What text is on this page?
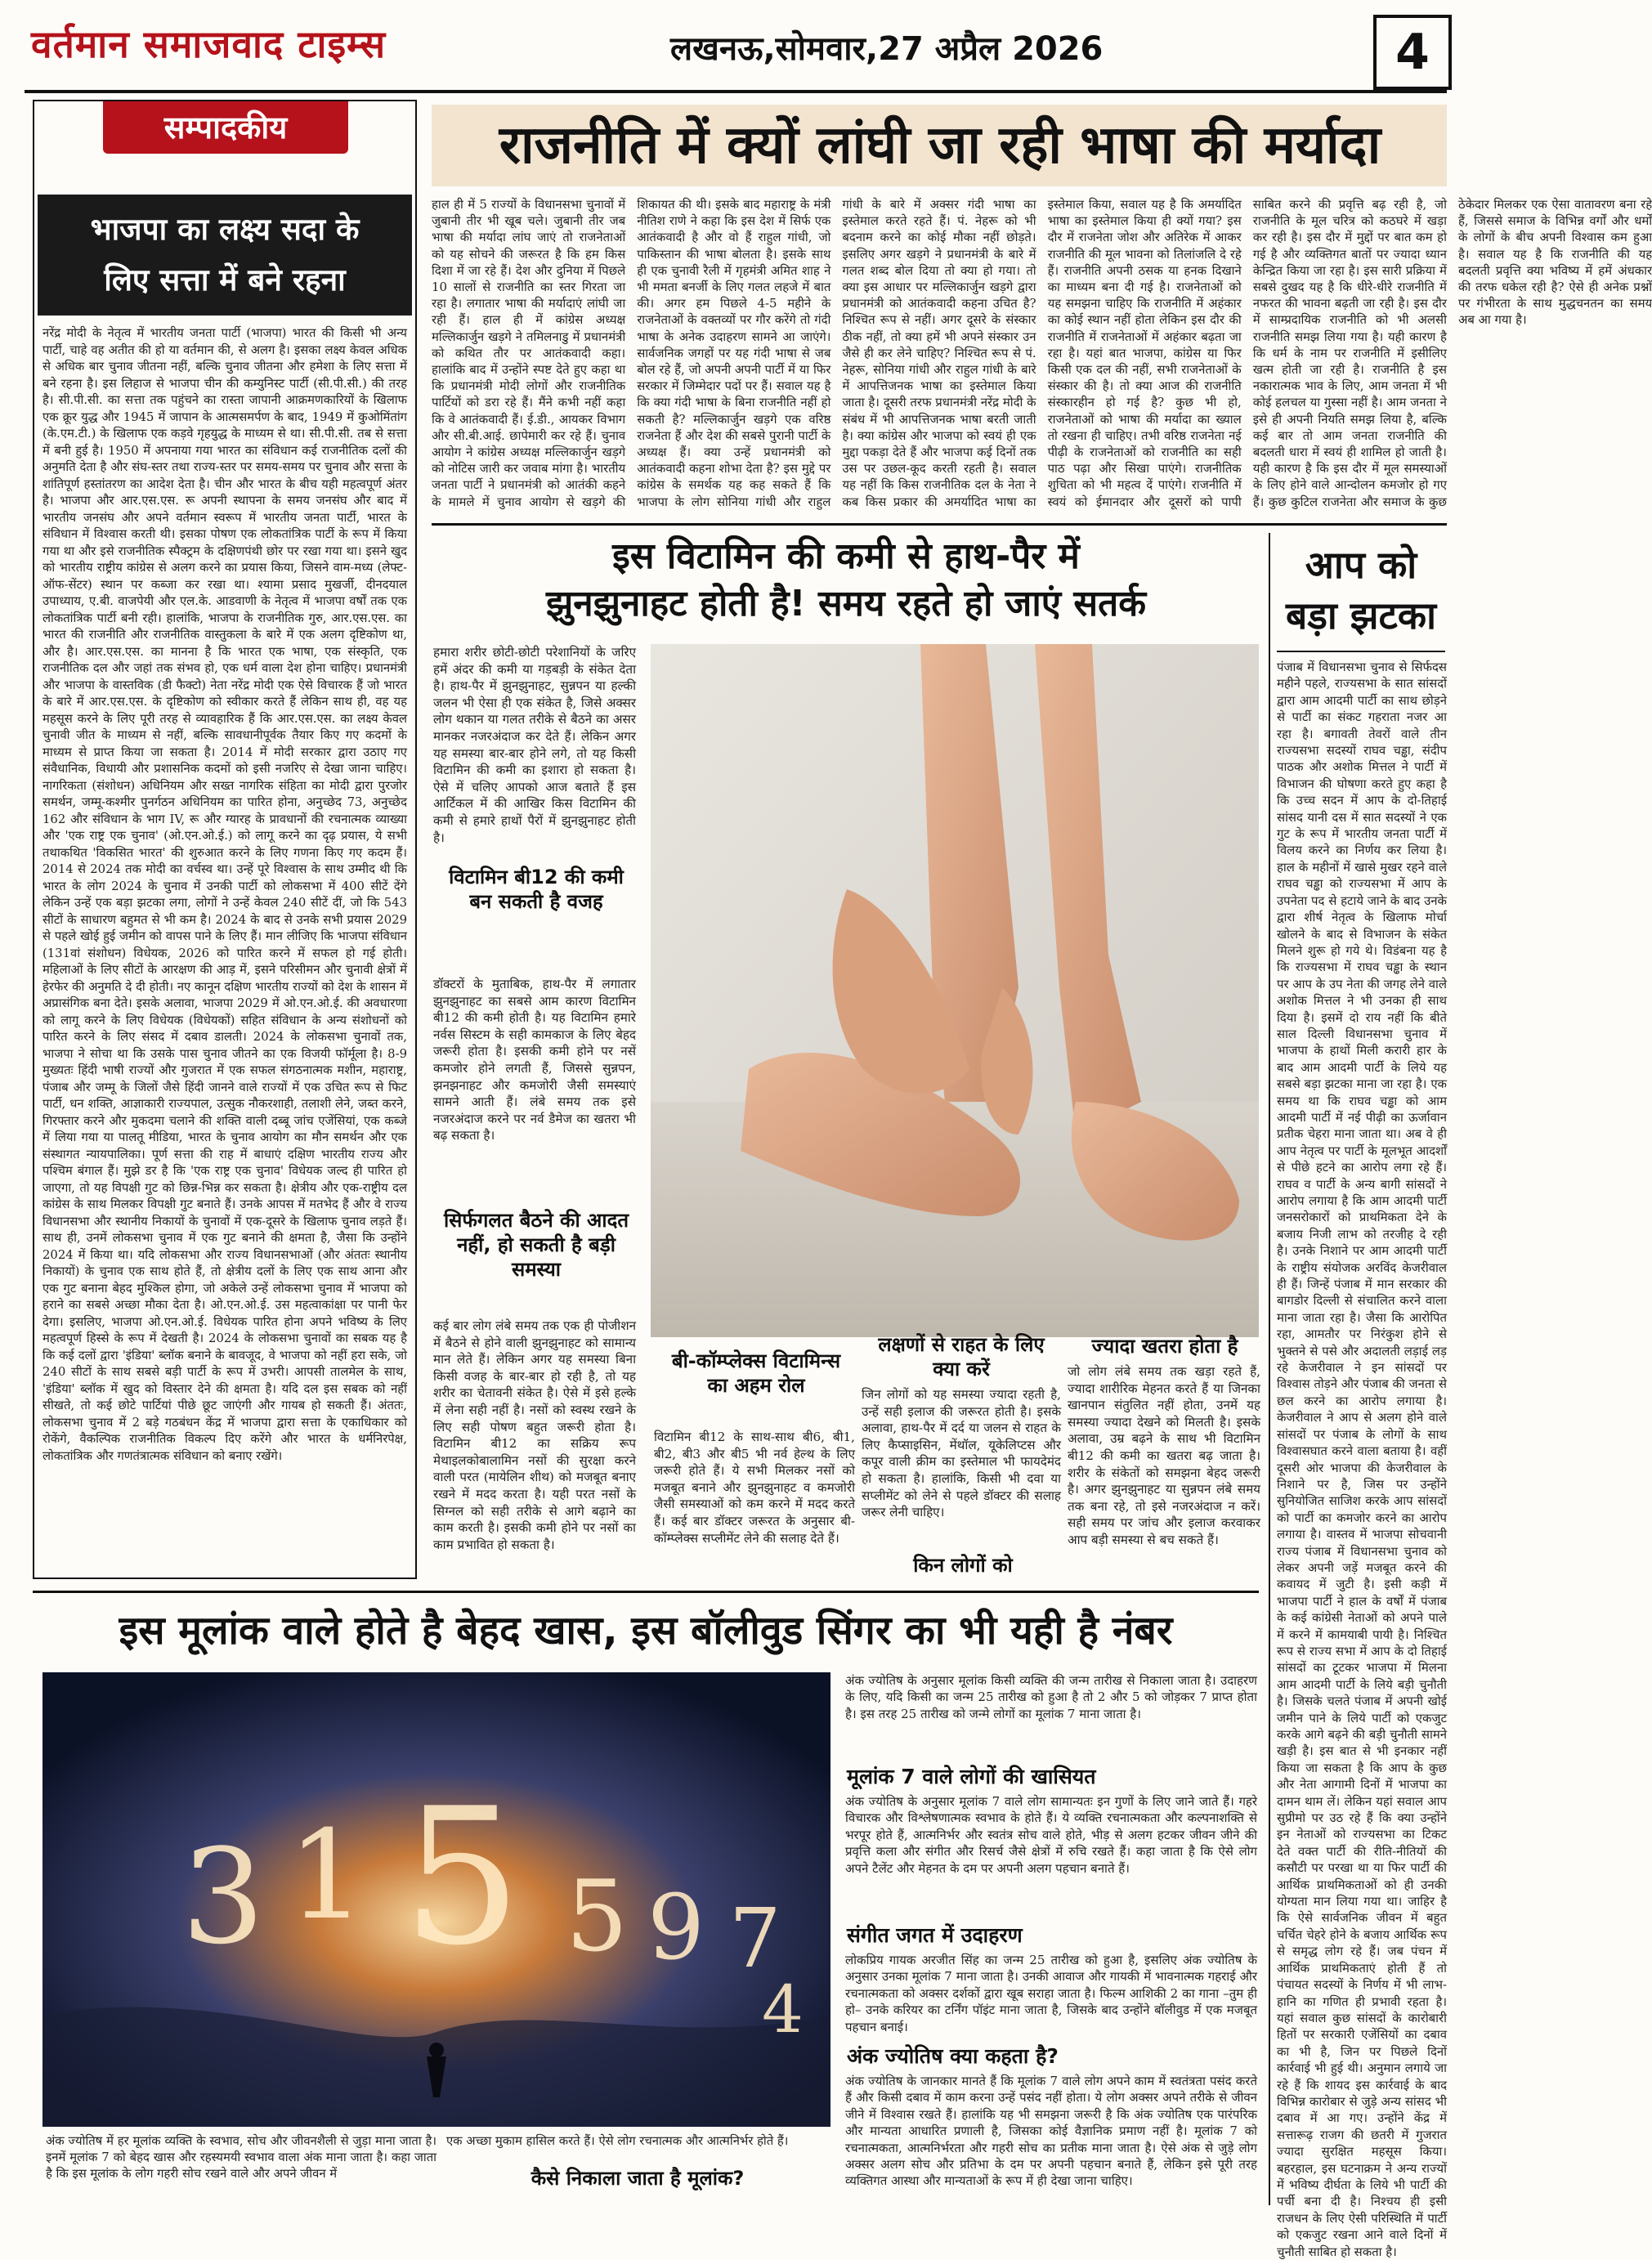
वर्तमान समाजवाद टाइम्स	लखनऊ,सोमवार,27 अप्रैल 2026	4
सम्पादकीय
भाजपा का लक्ष्य सदा के
लिए सत्ता में बने रहना
नरेंद्र मोदी के नेतृत्व में भारतीय जनता पार्टी (भाजपा) भारत की किसी भी अन्य पार्टी, चाहे वह अतीत की हो या वर्तमान की, से अलग है। इसका लक्ष्य केवल अधिक से अधिक बार चुनाव जीतना नहीं, बल्कि चुनाव जीतना और हमेशा के लिए सत्ता में बने रहना है। इस लिहाज से भाजपा चीन की कम्युनिस्ट पार्टी (सी.पी.सी.) की तरह है। सी.पी.सी. का सत्ता तक पहुंचने का रास्ता जापानी आक्रमणकारियों के खिलाफ एक क्रूर युद्ध और 1945 में जापान के आत्मसमर्पण के बाद, 1949 में कुओमिंतांग (के.एम.टी.) के खिलाफ एक कड़वे गृहयुद्ध के माध्यम से था। सी.पी.सी. तब से सत्ता में बनी हुई है। 1950 में अपनाया गया भारत का संविधान कई राजनीतिक दलों की अनुमति देता है और संघ-स्तर तथा राज्य-स्तर पर समय-समय पर चुनाव और सत्ता के शांतिपूर्ण हस्तांतरण का आदेश देता है। चीन और भारत के बीच यही महत्वपूर्ण अंतर है। भाजपा और आर.एस.एस. रू अपनी स्थापना के समय जनसंघ और बाद में भारतीय जनसंघ और अपने वर्तमान स्वरूप में भारतीय जनता पार्टी, भारत के संविधान में विश्वास करती थी। इसका पोषण एक लोकतांत्रिक पार्टी के रूप में किया गया था और इसे राजनीतिक स्पैक्ट्रम के दक्षिणपंथी छोर पर रखा गया था। इसने खुद को भारतीय राष्ट्रीय कांग्रेस से अलग करने का प्रयास किया, जिसने वाम-मध्य (लेफ्ट-ऑफ-सेंटर) स्थान पर कब्जा कर रखा था। श्यामा प्रसाद मुखर्जी, दीनदयाल उपाध्याय, ए.बी. वाजपेयी और एल.के. आडवाणी के नेतृत्व में भाजपा वर्षों तक एक लोकतांत्रिक पार्टी बनी रही। हालांकि, भाजपा के राजनीतिक गुरु, आर.एस.एस. का भारत की राजनीति और राजनीतिक वास्तुकला के बारे में एक अलग दृष्टिकोण था, और है। आर.एस.एस. का मानना है कि भारत एक भाषा, एक संस्कृति, एक राजनीतिक दल और जहां तक संभव हो, एक धर्म वाला देश होना चाहिए। प्रधानमंत्री और भाजपा के वास्तविक (डी फैक्टो) नेता नरेंद्र मोदी एक ऐसे विचारक हैं जो भारत के बारे में आर.एस.एस. के दृष्टिकोण को स्वीकार करते हैं लेकिन साथ ही, वह यह महसूस करने के लिए पूरी तरह से व्यावहारिक हैं कि आर.एस.एस. का लक्ष्य केवल चुनावी जीत के माध्यम से नहीं, बल्कि सावधानीपूर्वक तैयार किए गए कदमों के माध्यम से प्राप्त किया जा सकता है। 2014 में मोदी सरकार द्वारा उठाए गए संवैधानिक, विधायी और प्रशासनिक कदमों को इसी नजरिए से देखा जाना चाहिए। नागरिकता (संशोधन) अधिनियम और सख्त नागरिक संहिता का मोदी द्वारा पुरजोर समर्थन, जम्मू-कश्मीर पुनर्गठन अधिनियम का पारित होना, अनुच्छेद 73, अनुच्छेद 162 और संविधान के भाग IV, रू और ग्यारह के प्रावधानों की रचनात्मक व्याख्या और 'एक राष्ट्र एक चुनाव' (ओ.एन.ओ.ई.) को लागू करने का दृढ़ प्रयास, ये सभी तथाकथित 'विकसित भारत' की शुरुआत करने के लिए गणना किए गए कदम हैं। 2014 से 2024 तक मोदी का वर्चस्व था। उन्हें पूरे विश्वास के साथ उम्मीद थी कि भारत के लोग 2024 के चुनाव में उनकी पार्टी को लोकसभा में 400 सीटें देंगे लेकिन उन्हें एक बड़ा झटका लगा, लोगों ने उन्हें केवल 240 सीटें दीं, जो कि 543 सीटों के साधारण बहुमत से भी कम है। 2024 के बाद से उनके सभी प्रयास 2029 से पहले खोई हुई जमीन को वापस पाने के लिए हैं। मान लीजिए कि भाजपा संविधान (131वां संशोधन) विधेयक, 2026 को पारित करने में सफल हो गई होती। महिलाओं के लिए सीटों के आरक्षण की आड़ में, इसने परिसीमन और चुनावी क्षेत्रों में हेरफेर की अनुमति दे दी होती। नए कानून दक्षिण भारतीय राज्यों को देश के शासन में अप्रासंगिक बना देते। इसके अलावा, भाजपा 2029 में ओ.एन.ओ.ई. की अवधारणा को लागू करने के लिए विधेयक (विधेयकों) सहित संविधान के अन्य संशोधनों को पारित करने के लिए संसद में दबाव डालती। 2024 के लोकसभा चुनावों तक, भाजपा ने सोचा था कि उसके पास चुनाव जीतने का एक विजयी फॉर्मूला है। 8-9 मुख्यतः हिंदी भाषी राज्यों और गुजरात में एक सफल संगठनात्मक मशीन, महाराष्ट्र, पंजाब और जम्मू के जिलों जैसे हिंदी जानने वाले राज्यों में एक उचित रूप से फिट पार्टी, धन शक्ति, आज्ञाकारी राज्यपाल, उत्सुक नौकरशाही, तलाशी लेने, जब्त करने, गिरफ्तार करने और मुकदमा चलाने की शक्ति वाली दब्बू जांच एजेंसियां, एक कब्जे में लिया गया या पालतू मीडिया, भारत के चुनाव आयोग का मौन समर्थन और एक संस्थागत न्यायपालिका। पूर्ण सत्ता की राह में बाधाएं दक्षिण भारतीय राज्य और पश्चिम बंगाल हैं। मुझे डर है कि 'एक राष्ट्र एक चुनाव' विधेयक जल्द ही पारित हो जाएगा, तो यह विपक्षी गुट को छिन्न-भिन्न कर सकता है। क्षेत्रीय और एक-राष्ट्रीय दल कांग्रेस के साथ मिलकर विपक्षी गुट बनाते हैं। उनके आपस में मतभेद हैं और वे राज्य विधानसभा और स्थानीय निकायों के चुनावों में एक-दूसरे के खिलाफ चुनाव लड़ते हैं। साथ ही, उनमें लोकसभा चुनाव में एक गुट बनाने की क्षमता है, जैसा कि उन्होंने 2024 में किया था। यदि लोकसभा और राज्य विधानसभाओं (और अंततः स्थानीय निकायों) के चुनाव एक साथ होते हैं, तो क्षेत्रीय दलों के लिए एक साथ आना और एक गुट बनाना बेहद मुश्किल होगा, जो अकेले उन्हें लोकसभा चुनाव में भाजपा को हराने का सबसे अच्छा मौका देता है। ओ.एन.ओ.ई. उस महत्वाकांक्षा पर पानी फेर देगा। इसलिए, भाजपा ओ.एन.ओ.ई. विधेयक पारित होना अपने भविष्य के लिए महत्वपूर्ण हिस्से के रूप में देखती है। 2024 के लोकसभा चुनावों का सबक यह है कि कई दलों द्वारा 'इंडिया' ब्लॉक बनाने के बावजूद, वे भाजपा को नहीं हरा सके, जो 240 सीटों के साथ सबसे बड़ी पार्टी के रूप में उभरी। आपसी तालमेल के साथ, 'इंडिया' ब्लॉक में खुद को विस्तार देने की क्षमता है। यदि दल इस सबक को नहीं सीखते, तो कई छोटे पार्टियां पीछे छूट जाएंगी और गायब हो सकती हैं। अंततः, लोकसभा चुनाव में 2 बड़े गठबंधन केंद्र में भाजपा द्वारा सत्ता के एकाधिकार को रोकेंगे, वैकल्पिक राजनीतिक विकल्प दिए करेंगे और भारत के धर्मनिरपेक्ष, लोकतांत्रिक और गणतंत्रात्मक संविधान को बनाए रखेंगे।
राजनीति में क्यों लांघी जा रही भाषा की मर्यादा
हाल ही में 5 राज्यों के विधानसभा चुनावों में जुबानी तीर भी खूब चले। जुबानी तीर जब भाषा की मर्यादा लांघ जाएं तो राजनेताओं को यह सोचने की जरूरत है कि हम किस दिशा में जा रहे हैं। देश और दुनिया में पिछले 10 सालों से राजनीति का स्तर गिरता जा रहा है। लगातार भाषा की मर्यादाएं लांघी जा रही हैं। हाल ही में कांग्रेस अध्यक्ष मल्लिकार्जुन खड़गे ने तमिलनाडु में प्रधानमंत्री को कथित तौर पर आतंकवादी कहा। हालांकि बाद में उन्होंने स्पष्ट देते हुए कहा था कि प्रधानमंत्री मोदी लोगों और राजनीतिक पार्टियों को डरा रहे हैं। मैंने कभी नहीं कहा कि वे आतंकवादी हैं। ई.डी., आयकर विभाग और सी.बी.आई. छापेमारी कर रहे हैं। चुनाव आयोग ने कांग्रेस अध्यक्ष मल्लिकार्जुन खड़गे को नोटिस जारी कर जवाब मांगा है। भारतीय जनता पार्टी ने प्रधानमंत्री को आतंकी कहने के मामले में चुनाव आयोग से खड़गे की शिकायत की थी। इसके बाद महाराष्ट्र के मंत्री नीतिश राणे ने कहा कि इस देश में सिर्फ एक आतंकवादी है और वो हैं राहुल गांधी, जो पाकिस्तान की भाषा बोलता है। इसके साथ ही एक चुनावी रैली में गृहमंत्री अमित शाह ने भी ममता बनर्जी के लिए गलत लहजे में बात की। अगर हम पिछले 4-5 महीने के राजनेताओं के वक्तव्यों पर गौर करेंगे तो गंदी भाषा के अनेक उदाहरण सामने आ जाएंगे। सार्वजनिक जगहों पर यह गंदी भाषा से जब बोल रहे हैं, जो अपनी अपनी पार्टी में या फिर सरकार में जिम्मेदार पदों पर हैं। सवाल यह है कि क्या गंदी भाषा के बिना राजनीति नहीं हो सकती है? मल्लिकार्जुन खड़गे एक वरिष्ठ राजनेता हैं और देश की सबसे पुरानी पार्टी के अध्यक्ष हैं। क्या उन्हें प्रधानमंत्री को आतंकवादी कहना शोभा देता है? इस मुद्दे पर कांग्रेस के समर्थक यह कह सकते हैं कि भाजपा के लोग सोनिया गांधी और राहुल गांधी के बारे में अक्सर गंदी भाषा का इस्तेमाल करते रहते हैं। पं. नेहरू को भी बदनाम करने का कोई मौका नहीं छोड़ते। इसलिए अगर खड़गे ने प्रधानमंत्री के बारे में गलत शब्द बोल दिया तो क्या हो गया। तो क्या इस आधार पर मल्लिकार्जुन खड़गे द्वारा प्रधानमंत्री को आतंकवादी कहना उचित है? निश्चित रूप से नहीं। अगर दूसरे के संस्कार ठीक नहीं, तो क्या हमें भी अपने संस्कार उन जैसे ही कर लेने चाहिए? निश्चित रूप से पं. नेहरू, सोनिया गांधी और राहुल गांधी के बारे में आपत्तिजनक भाषा का इस्तेमाल किया जाता है। दूसरी तरफ प्रधानमंत्री नरेंद्र मोदी के संबंध में भी आपत्तिजनक भाषा बरती जाती है। क्या कांग्रेस और भाजपा को स्वयं ही एक मुद्दा पकड़ा देते हैं और भाजपा कई दिनों तक उस पर उछल-कूद करती रहती है। सवाल यह नहीं कि किस राजनीतिक दल के नेता ने कब किस प्रकार की अमर्यादित भाषा का इस्तेमाल किया, सवाल यह है कि अमर्यादित भाषा का इस्तेमाल किया ही क्यों गया? इस दौर में राजनेता जोश और अतिरेक में आकर राजनीति की मूल भावना को तिलांजलि दे रहे हैं। राजनीति अपनी ठसक या हनक दिखाने का माध्यम बना दी गई है। राजनेताओं को यह समझना चाहिए कि राजनीति में अहंकार का कोई स्थान नहीं होता लेकिन इस दौर की राजनीति में राजनेताओं में अहंकार बढ़ता जा रहा है। यहां बात भाजपा, कांग्रेस या फिर किसी एक दल की नहीं, सभी राजनेताओं के संस्कार की है। तो क्या आज की राजनीति संस्कारहीन हो गई है? कुछ भी हो, राजनेताओं को भाषा की मर्यादा का ख्याल तो रखना ही चाहिए। तभी वरिष्ठ राजनेता नई पीढ़ी के राजनेताओं को राजनीति का सही पाठ पढ़ा और सिखा पाएंगे। राजनीतिक शुचिता को भी महत्व दें पाएंगे। राजनीति में स्वयं को ईमानदार और दूसरों को पापी साबित करने की प्रवृत्ति बढ़ रही है, जो राजनीति के मूल चरित्र को कठघरे में खड़ा कर रही है। इस दौर में मुद्दों पर बात कम हो गई है और व्यक्तिगत बातों पर ज्यादा ध्यान केन्द्रित किया जा रहा है। इस सारी प्रक्रिया में सबसे दुखद यह है कि धीरे-धीरे राजनीति में नफरत की भावना बढ़ती जा रही है। इस दौर में साम्प्रदायिक राजनीति को भी अलसी राजनीति समझ लिया गया है। यही कारण है कि धर्म के नाम पर राजनीति में इसीलिए खत्म होती जा रही है। राजनीति है इस नकारात्मक भाव के लिए, आम जनता में भी कोई हलचल या गुस्सा नहीं है। आम जनता ने इसे ही अपनी नियति समझ लिया है, बल्कि कई बार तो आम जनता राजनीति की बदलती धारा में स्वयं ही शामिल हो जाती है। यही कारण है कि इस दौर में मूल समस्याओं के लिए होने वाले आन्दोलन कमजोर हो गए हैं। कुछ कुटिल राजनेता और समाज के कुछ ठेकेदार मिलकर एक ऐसा वातावरण बना रहे हैं, जिससे समाज के विभिन्न वर्गों और धर्मों के लोगों के बीच अपनी विश्वास कम हुआ है। सवाल यह है कि राजनीति की यह बदलती प्रवृत्ति क्या भविष्य में हमें अंधकार की तरफ धकेल रही है? ऐसे ही अनेक प्रश्नों पर गंभीरता के साथ मुद्धचनतन का समय अब आ गया है।
इस विटामिन की कमी से हाथ-पैर में
झुनझुनाहट होती है! समय रहते हो जाएं सतर्क
हमारा शरीर छोटी-छोटी परेशानियों के जरिए हमें अंदर की कमी या गड़बड़ी के संकेत देता है। हाथ-पैर में झुनझुनाहट, सुन्नपन या हल्की जलन भी ऐसा ही एक संकेत है, जिसे अक्सर लोग थकान या गलत तरीके से बैठने का असर मानकर नजरअंदाज कर देते हैं। लेकिन अगर यह समस्या बार-बार होने लगे, तो यह किसी विटामिन की कमी का इशारा हो सकता है। ऐसे में चलिए आपको आज बताते हैं इस आर्टिकल में की आखिर किस विटामिन की कमी से हमारे हाथों पैरों में झुनझुनाहट होती है।
विटामिन बी12 की कमी बन सकती है वजह
डॉक्टरों के मुताबिक, हाथ-पैर में लगातार झुनझुनाहट का सबसे आम कारण विटामिन बी12 की कमी होती है। यह विटामिन हमारे नर्वस सिस्टम के सही कामकाज के लिए बेहद जरूरी होता है। इसकी कमी होने पर नसें कमजोर होने लगती हैं, जिससे सुन्नपन, झनझनाहट और कमजोरी जैसी समस्याएं सामने आती हैं। लंबे समय तक इसे नजरअंदाज करने पर नर्व डैमेज का खतरा भी बढ़ सकता है।
सिर्फगलत बैठने की आदत नहीं, हो सकती है बड़ी समस्या
कई बार लोग लंबे समय तक एक ही पोजीशन में बैठने से होने वाली झुनझुनाहट को सामान्य मान लेते हैं। लेकिन अगर यह समस्या बिना किसी वजह के बार-बार हो रही है, तो यह शरीर का चेतावनी संकेत है। ऐसे में इसे हल्के में लेना सही नहीं है। नसों को स्वस्थ रखने के लिए सही पोषण बहुत जरूरी होता है। विटामिन बी12 का सक्रिय रूप मेथाइलकोबालामिन नसों की सुरक्षा करने वाली परत (मायेलिन शीथ) को मजबूत बनाए रखने में मदद करता है। यही परत नसों के सिग्नल को सही तरीके से आगे बढ़ाने का काम करती है। इसकी कमी होने पर नसों का काम प्रभावित हो सकता है।
बी-कॉम्प्लेक्स विटामिन्स का अहम रोल
विटामिन बी12 के साथ-साथ बी6, बी1, बी2, बी3 और बी5 भी नर्व हेल्थ के लिए जरूरी होते हैं। ये सभी मिलकर नसों को मजबूत बनाने और झुनझुनाहट व कमजोरी जैसी समस्याओं को कम करने में मदद करते हैं। कई बार डॉक्टर जरूरत के अनुसार बी-कॉम्प्लेक्स सप्लीमेंट लेने की सलाह देते हैं।
लक्षणों से राहत के लिए क्या करें
जिन लोगों को यह समस्या ज्यादा रहती है, उन्हें सही इलाज की जरूरत होती है। इसके अलावा, हाथ-पैर में दर्द या जलन से राहत के लिए कैप्साइसिन, मेंथॉल, यूकेलिप्टस और कपूर वाली क्रीम का इस्तेमाल भी फायदेमंद हो सकता है। हालांकि, किसी भी दवा या सप्लीमेंट को लेने से पहले डॉक्टर की सलाह जरूर लेनी चाहिए।
किन लोगों को
ज्यादा खतरा होता है
जो लोग लंबे समय तक खड़ा रहते हैं, ज्यादा शारीरिक मेहनत करते हैं या जिनका खानपान संतुलित नहीं होता, उनमें यह समस्या ज्यादा देखने को मिलती है। इसके अलावा, उम्र बढ़ने के साथ भी विटामिन बी12 की कमी का खतरा बढ़ जाता है। शरीर के संकेतों को समझना बेहद जरूरी है। अगर झुनझुनाहट या सुन्नपन लंबे समय तक बना रहे, तो इसे नजरअंदाज न करें। सही समय पर जांच और इलाज करवाकर आप बड़ी समस्या से बच सकते हैं।
आप को
बड़ा झटका
पंजाब में विधानसभा चुनाव से सिर्फदस महीने पहले, राज्यसभा के सात सांसदों द्वारा आम आदमी पार्टी का साथ छोड़ने से पार्टी का संकट गहराता नजर आ रहा है। बगावती तेवरों वाले तीन राज्यसभा सदस्यों राघव चड्ढा, संदीप पाठक और अशोक मित्तल ने पार्टी में विभाजन की घोषणा करते हुए कहा है कि उच्च सदन में आप के दो-तिहाई सांसद यानी दस में सात सदस्यों ने एक गुट के रूप में भारतीय जनता पार्टी में विलय करने का निर्णय कर लिया है। हाल के महीनों में खासे मुखर रहने वाले राघव चड्ढा को राज्यसभा में आप के उपनेता पद से हटाये जाने के बाद उनके द्वारा शीर्ष नेतृत्व के खिलाफ मोर्चा खोलने के बाद से विभाजन के संकेत मिलने शुरू हो गये थे। विडंबना यह है कि राज्यसभा में राघव चड्ढा के स्थान पर आप के उप नेता की जगह लेने वाले अशोक मित्तल ने भी उनका ही साथ दिया है। इसमें दो राय नहीं कि बीते साल दिल्ली विधानसभा चुनाव में भाजपा के हाथों मिली करारी हार के बाद आम आदमी पार्टी के लिये यह सबसे बड़ा झटका माना जा रहा है। एक समय था कि राघव चड्ढा को आम आदमी पार्टी में नई पीढ़ी का ऊर्जावान प्रतीक चेहरा माना जाता था। अब वे ही आप नेतृत्व पर पार्टी के मूलभूत आदर्शों से पीछे हटने का आरोप लगा रहे हैं। राघव व पार्टी के अन्य बागी सांसदों ने आरोप लगाया है कि आम आदमी पार्टी जनसरोकारों को प्राथमिकता देने के बजाय निजी लाभ को तरजीह दे रही है। उनके निशाने पर आम आदमी पार्टी के राष्ट्रीय संयोजक अरविंद केजरीवाल ही हैं। जिन्हें पंजाब में मान सरकार की बागडोर दिल्ली से संचालित करने वाला माना जाता रहा है। जैसा कि आरोपित रहा, आमतौर पर निरंकुश होने से भुक्तने से पसे और अदालती लड़ाई लड़ रहे केजरीवाल ने इन सांसदों पर विश्वास तोड़ने और पंजाब की जनता से छल करने का आरोप लगाया है। केजरीवाल ने आप से अलग होने वाले सांसदों पर पंजाब के लोगों के साथ विश्वासघात करने वाला बताया है। वहीं दूसरी ओर भाजपा की केजरीवाल के निशाने पर है, जिस पर उन्होंने सुनियोजित साजिश करके आप सांसदों को पार्टी का कमजोर करने का आरोप लगाया है। वास्तव में भाजपा सोचवानी राज्य पंजाब में विधानसभा चुनाव को लेकर अपनी जड़ें मजबूत करने की कवायद में जुटी है। इसी कड़ी में भाजपा पार्टी ने हाल के वर्षों में पंजाब के कई कांग्रेसी नेताओं को अपने पाले में करने में कामयाबी पायी है। निश्चित रूप से राज्य सभा में आप के दो तिहाई सांसदों का टूटकर भाजपा में मिलना आम आदमी पार्टी के लिये बड़ी चुनौती है। जिसके चलते पंजाब में अपनी खोई जमीन पाने के लिये पार्टी को एकजुट करके आगे बढ़ने की बड़ी चुनौती सामने खड़ी है। इस बात से भी इनकार नहीं किया जा सकता है कि आप के कुछ और नेता आगामी दिनों में भाजपा का दामन थाम लें। लेकिन यहां सवाल आप सुप्रीमो पर उठ रहे हैं कि क्या उन्होंने इन नेताओं को राज्यसभा का टिकट देते वक्त पार्टी की रीति-नीतियों की कसौटी पर परखा था या फिर पार्टी की आर्थिक प्राथमिकताओं को ही उनकी योग्यता मान लिया गया था। जाहिर है कि ऐसे सार्वजनिक जीवन में बहुत चर्चित चेहरे होने के बजाय आर्थिक रूप से समृद्ध लोग रहे हैं। जब पंचन में आर्थिक प्राथमिकताएं होती हैं तो पंचायत सदस्यों के निर्णय में भी लाभ-हानि का गणित ही प्रभावी रहता है। यहां सवाल कुछ सांसदों के कारोबारी हितों पर सरकारी एजेंसियों का दबाव का भी है, जिन पर पिछले दिनों कार्रवाई भी हुई थी। अनुमान लगाये जा रहे हैं कि शायद इस कार्रवाई के बाद विभिन्न कारोबार से जुड़े अन्य सांसद भी दबाव में आ गए। उन्होंने केंद्र में सत्तारूढ़ राजग की छतरी में गुजरात ज्यादा सुरक्षित महसूस किया। बहरहाल, इस घटनाक्रम ने अन्य राज्यों में भविष्य दीर्घता के लिये भी पार्टी की पर्ची बना दी है। निश्चय ही इसी राजधन के लिए ऐसी परिस्थिति में पार्टी को एकजुट रखना आने वाले दिनों में चुनौती साबित हो सकता है।
इस मूलांक वाले होते है बेहद खास, इस बॉलीवुड सिंगर का भी यही है नंबर
3 1 5 5 9 7
4
अंक ज्योतिष में हर मूलांक व्यक्ति के स्वभाव, सोच और जीवनशैली से जुड़ा माना जाता है। इनमें मूलांक 7 को बेहद खास और रहस्यमयी स्वभाव वाला अंक माना जाता है। कहा जाता है कि इस मूलांक के लोग गहरी सोच रखने वाले और अपने जीवन में
एक अच्छा मुकाम हासिल करते हैं। ऐसे लोग रचनात्मक और आत्मनिर्भर होते हैं।
कैसे निकाला जाता है मूलांक?
अंक ज्योतिष के अनुसार मूलांक किसी व्यक्ति की जन्म तारीख से निकाला जाता है। उदाहरण के लिए, यदि किसी का जन्म 25 तारीख को हुआ है तो 2 और 5 को जोड़कर 7 प्राप्त होता है। इस तरह 25 तारीख को जन्मे लोगों का मूलांक 7 माना जाता है।
मूलांक 7 वाले लोगों की खासियत
अंक ज्योतिष के अनुसार मूलांक 7 वाले लोग सामान्यतः इन गुणों के लिए जाने जाते हैं। गहरे विचारक और विश्लेषणात्मक स्वभाव के होते हैं। ये व्यक्ति रचनात्मकता और कल्पनाशक्ति से भरपूर होते हैं, आत्मनिर्भर और स्वतंत्र सोच वाले होते, भीड़ से अलग हटकर जीवन जीने की प्रवृत्ति कला और संगीत और रिसर्च जैसे क्षेत्रों में रुचि रखते हैं। कहा जाता है कि ऐसे लोग अपने टैलेंट और मेहनत के दम पर अपनी अलग पहचान बनाते हैं।
संगीत जगत में उदाहरण
लोकप्रिय गायक अरजीत सिंह का जन्म 25 तारीख को हुआ है, इसलिए अंक ज्योतिष के अनुसार उनका मूलांक 7 माना जाता है। उनकी आवाज और गायकी में भावनात्मक गहराई और रचनात्मकता को अक्सर दर्शकों द्वारा खूब सराहा जाता है। फिल्म आशिकी 2 का गाना –तुम ही हो– उनके करियर का टर्निंग पॉइंट माना जाता है, जिसके बाद उन्होंने बॉलीवुड में एक मजबूत पहचान बनाई।
अंक ज्योतिष क्या कहता है?
अंक ज्योतिष के जानकार मानते हैं कि मूलांक 7 वाले लोग अपने काम में स्वतंत्रता पसंद करते हैं और किसी दबाव में काम करना उन्हें पसंद नहीं होता। ये लोग अक्सर अपने तरीके से जीवन जीने में विश्वास रखते हैं। हालांकि यह भी समझना जरूरी है कि अंक ज्योतिष एक पारंपरिक और मान्यता आधारित प्रणाली है, जिसका कोई वैज्ञानिक प्रमाण नहीं है। मूलांक 7 को रचनात्मकता, आत्मनिर्भरता और गहरी सोच का प्रतीक माना जाता है। ऐसे अंक से जुड़े लोग अक्सर अलग सोच और प्रतिभा के दम पर अपनी पहचान बनाते हैं, लेकिन इसे पूरी तरह व्यक्तिगत आस्था और मान्यताओं के रूप में ही देखा जाना चाहिए।
